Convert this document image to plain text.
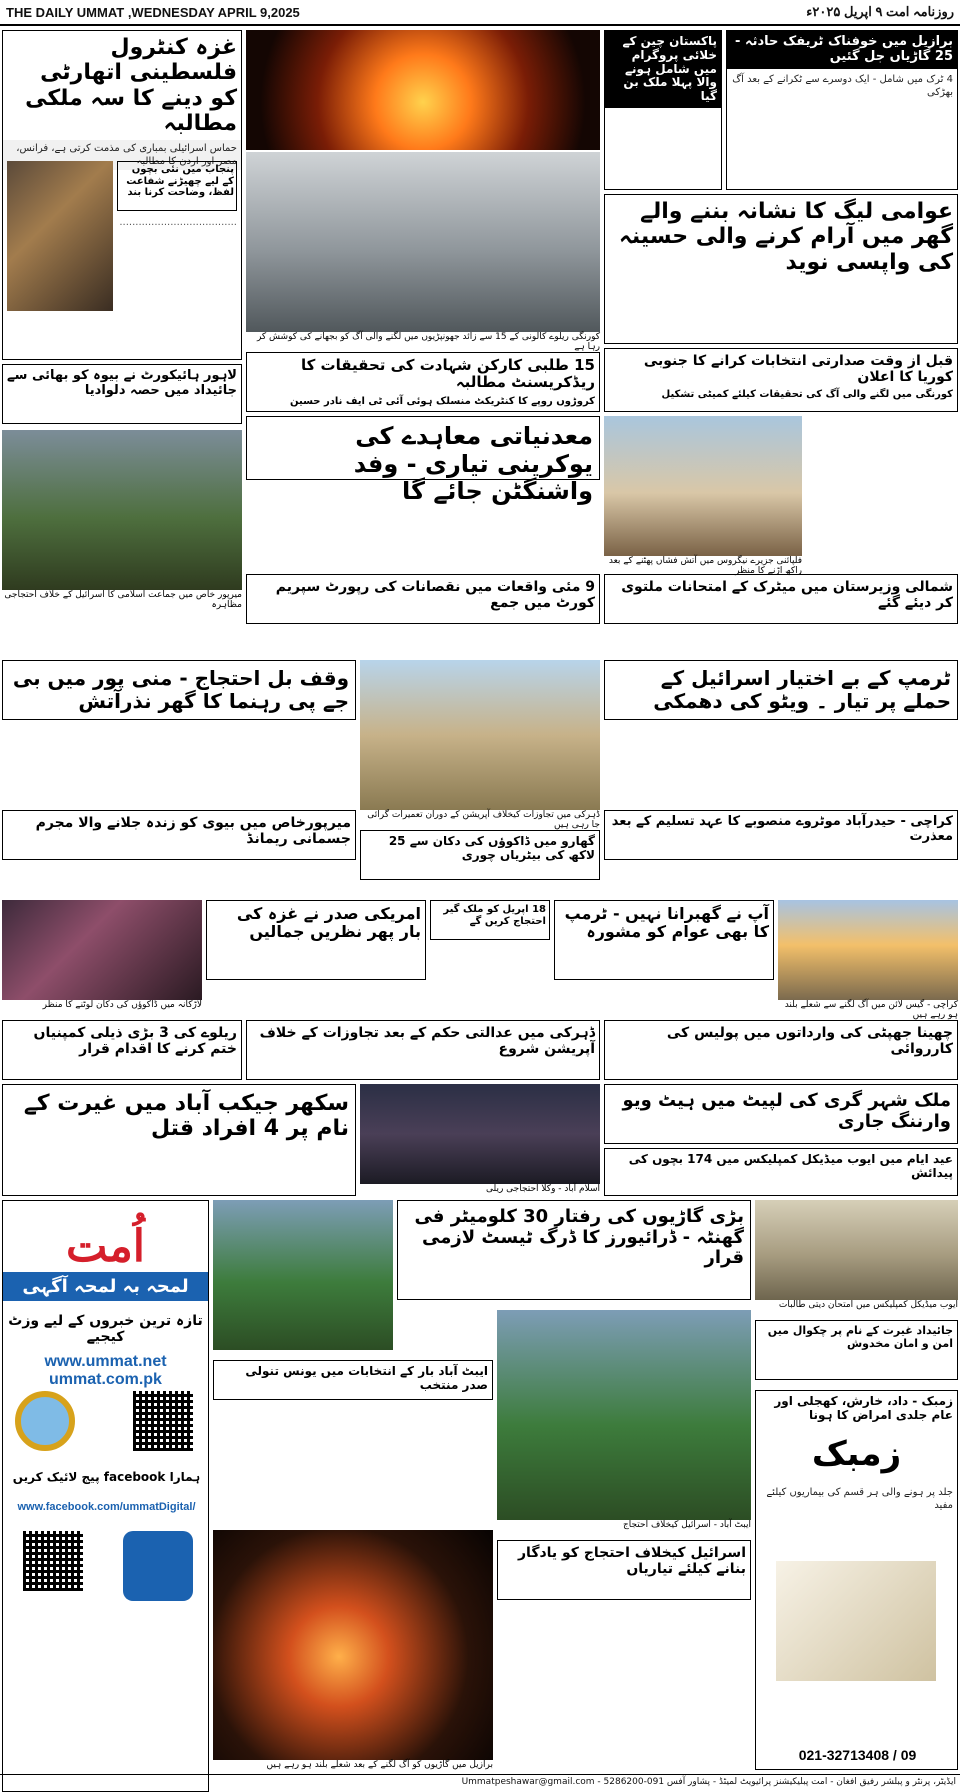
THE DAILY UMMAT ,WEDNESDAY APRIL 9,2025	روزنامہ امت ۹ اپریل ۲۰۲۵ء
غزہ کنٹرول فلسطینی اتھارٹی کو دینے کا سہ ملکی مطالبہ
حماس اسرائیلی بمباری کی مذمت کرتی ہے، فرانس، مصر اور اردن کا مطالبہ
پنجاب میں نئی بچوں کے لیے چھیڑنے شفاعت لفظ، وضاحت کرنا بند
.....................................
کورنگی ریلوے کالونی کے 15 سے زائد جھونپڑیوں میں لگنے والی آگ کو بجھانے کی کوشش کر رہا ہے
پاکستان چین کے خلائی پروگرام میں شامل ہونے والا پہلا ملک بن گیا
برازیل میں خوفناک ٹریفک حادثہ - 25 گاڑیاں جل گئیں
4 ٹرک میں شامل - ایک دوسرے سے ٹکرانے کے بعد آگ بھڑکی
عوامی لیگ کا نشانہ بننے والے گھر میں آرام کرنے والی حسینہ کی واپسی نوید
لاہور ہائیکورٹ نے بیوہ کو بھائی سے جائیداد میں حصہ دلوادیا
15 طلبی کارکن شہادت کی تحقیقات کا ریڈکریسنٹ مطالبہ
کروڑوں روپے کا کنٹریکٹ منسلک ہوئی آئی ٹی ایف نادر حسین
قبل از وقت صدارتی انتخابات کرانے کا جنوبی کوریا کا اعلان
کورنگی میں لگنے والی آگ کی تحقیقات کیلئے کمیٹی تشکیل
میرپور خاص میں جماعت اسلامی کا اسرائیل کے خلاف احتجاجی مظاہرہ
معدنیاتی معاہدے کی یوکرینی تیاری - وفد واشنگٹن جائے گا
فلپائنی جزیرے نیگروس میں آتش فشاں پھٹنے کے بعد راکھ اڑنے کا منظر
9 مئی واقعات میں نقصانات کی رپورٹ سپریم کورٹ میں جمع
شمالی وزیرستان میں میٹرک کے امتحانات ملتوی کر دیئے گئے
وقف بل احتجاج - منی پور میں بی جے پی رہنما کا گھر نذرآتش
ڈہرکی میں تجاوزات کیخلاف آپریشن کے دوران تعمیرات گرائی جا رہی ہیں
ٹرمپ کے بے اختیار اسرائیل کے حملے پر تیار ۔ ویٹو کی دھمکی
میرپورخاص میں بیوی کو زندہ جلانے والا مجرم جسمانی ریمانڈ	گھارو میں ڈاکوؤں کی دکان سے 25 لاکھ کی بیٹریاں چوری
کراچی - حیدرآباد موٹروے منصوبے کا عہد تسلیم کے بعد معذرت
لاڑکانہ میں ڈاکوؤں کی دکان لوٹنے کا منظر
امریکی صدر نے غزہ کی بار پھر نظریں جمالیں
18 اپریل کو ملک گیر احتجاج کریں گے	آپ نے گھبرانا نہیں - ٹرمپ کا بھی عوام کو مشورہ
کراچی - گیس لائن میں آگ لگنے سے شعلے بلند ہو رہے ہیں
ریلوے کی 3 بڑی ذیلی کمپنیاں ختم کرنے کا اقدام قرار
ڈہرکی میں عدالتی حکم کے بعد تجاوزات کے خلاف آپریشن شروع
چھینا جھپٹی کی وارداتوں میں پولیس کی کارروائی
سکھر جیکب آباد میں غیرت کے نام پر 4 افراد قتل
اسلام آباد - وکلا احتجاجی ریلی
ملک شہر گری کی لپیٹ میں ہیٹ ویو وارننگ جاری
عید ایام میں ایوب میڈیکل کمپلیکس میں 174 بچوں کی پیدائش
اُمت
لمحہ بہ لمحہ آگہی
تازہ ترین خبروں کے لیے وزٹ کیجیے
www.ummat.net
ummat.com.pk
ہمارا facebook پیج لائیک کریں
www.facebook.com/ummatDigital/
بڑی گاڑیوں کی رفتار 30 کلومیٹر فی گھنٹہ - ڈرائیورز کا ڈرگ ٹیسٹ لازمی قرار
ایوب میڈیکل کمپلیکس میں امتحان دیتی طالبات
ایبٹ آباد بار کے انتخابات میں یونس تنولی صدر منتخب
جائیداد غیرت کے نام پر چکوال میں امن و امان مخدوش
برازیل میں گاڑیوں کو آگ لگنے کے بعد شعلے بلند ہو رہے ہیں
ایبٹ آباد - اسرائیل کیخلاف احتجاج
اسرائیل کیخلاف احتجاج کو یادگار بنانے کیلئے تیاریاں
زمبک - داد، خارش، کھجلی اور عام جلدی امراض کا ہونا
زمبک
جلد پر ہونے والی ہر قسم کی بیماریوں کیلئے مفید
021-32713408 / 09
ایڈیٹر، پرنٹر و پبلشر رفیق افغان - امت پبلیکیشنز پرائیویٹ لمیٹڈ - پشاور آفس 091-5286200 - Ummatpeshawar@gmail.com
